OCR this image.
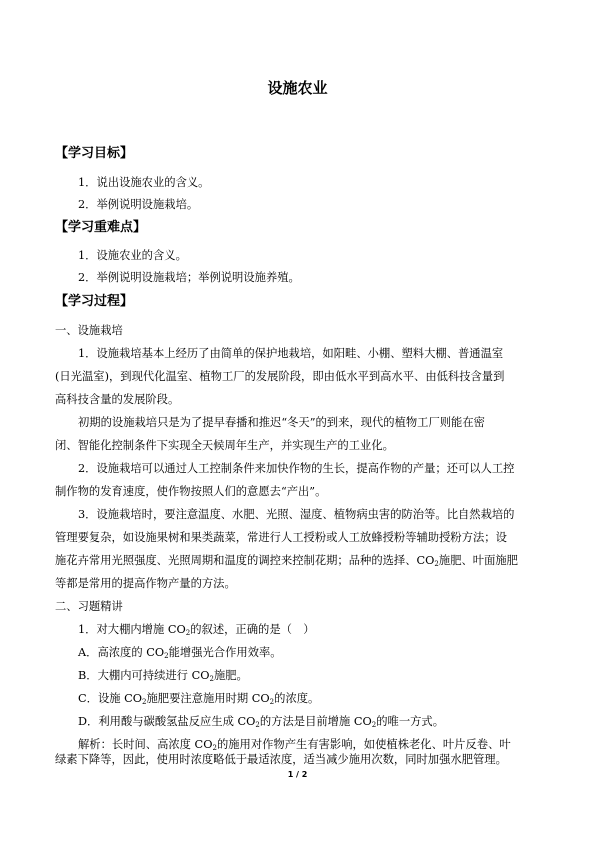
设施农业
【学习目标】
1．说出设施农业的含义。
2．举例说明设施栽培。
【学习重难点】
1．设施农业的含义。
2．举例说明设施栽培；举例说明设施养殖。
【学习过程】
一、设施栽培
1．设施栽培基本上经历了由简单的保护地栽培，如阳畦、小棚、塑料大棚、普通温室
(日光温室)，到现代化温室、植物工厂的发展阶段，即由低水平到高水平、由低科技含量到
高科技含量的发展阶段。
初期的设施栽培只是为了提早春播和推迟“冬天”的到来，现代的植物工厂则能在密
闭、智能化控制条件下实现全天候周年生产，并实现生产的工业化。
2．设施栽培可以通过人工控制条件来加快作物的生长，提高作物的产量；还可以人工控
制作物的发育速度，使作物按照人们的意愿去“产出”。
3．设施栽培时，要注意温度、水肥、光照、湿度、植物病虫害的防治等。比自然栽培的
管理要复杂，如设施果树和果类蔬菜，常进行人工授粉或人工放蜂授粉等辅助授粉方法；设
施花卉常用光照强度、光照周期和温度的调控来控制花期；品种的选择、$CO_2$施肥、叶面施肥
等都是常用的提高作物产量的方法。
二、习题精讲
1．对大棚内增施 $CO_2$的叙述，正确的是（　）
A．高浓度的 $CO_2$能增强光合作用效率。
B．大棚内可持续进行 $CO_2$施肥。
C．设施 $CO_2$施肥要注意施用时期 $CO_2$的浓度。
D．利用酸与碳酸氢盐反应生成 $CO_2$的方法是目前增施 $CO_2$的唯一方式。
解析：长时间、高浓度 $CO_2$的施用对作物产生有害影响，如使植株老化、叶片反卷、叶
绿素下降等，因此，使用时浓度略低于最适浓度，适当减少施用次数，同时加强水肥管理。
1 / 2
